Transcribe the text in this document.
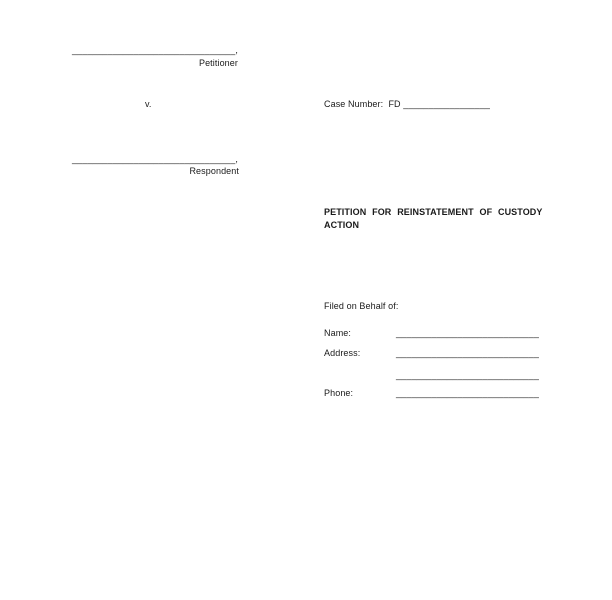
________________________________,
Petitioner
v.
________________________________,
Respondent
Case Number: FD _________________
PETITION FOR REINSTATEMENT OF CUSTODY
ACTION
Filed on Behalf of:
Name:	____________________________
Address:	____________________________
____________________________
Phone:	____________________________
